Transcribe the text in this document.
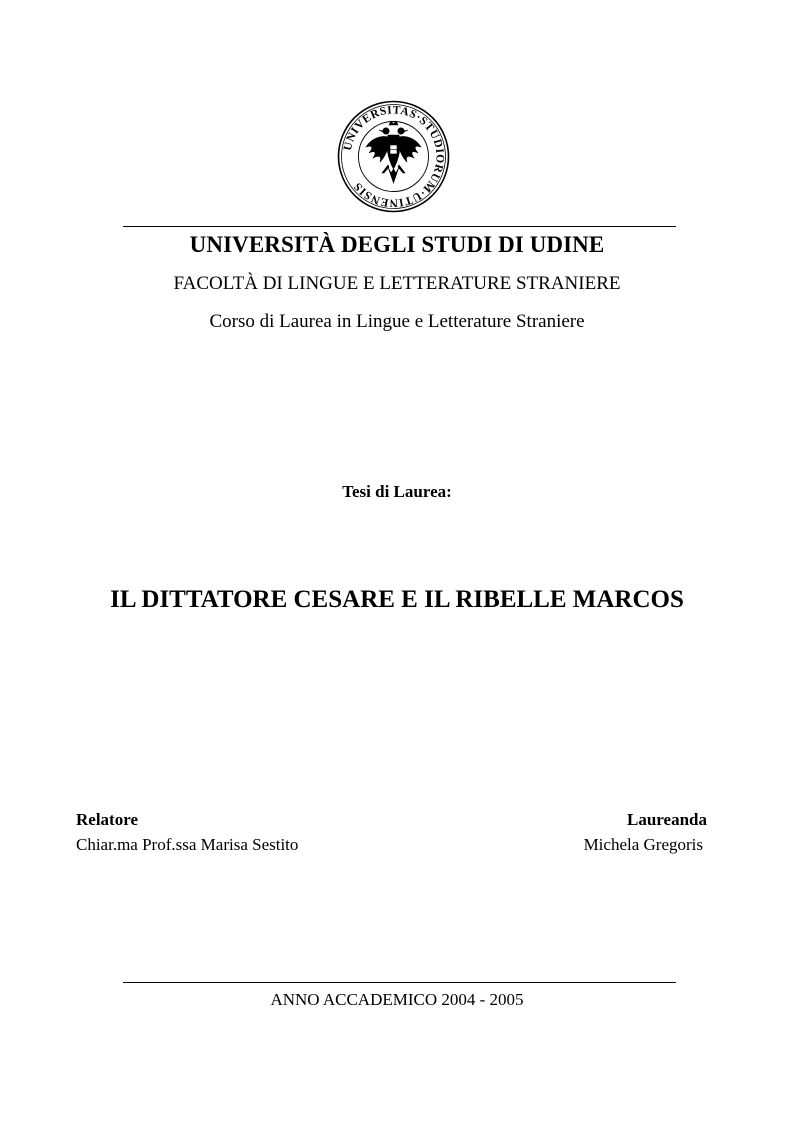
UNIVERSITAS·STUDIORUM·UTINENSIS
UNIVERSITÀ DEGLI STUDI DI UDINE
FACOLTÀ DI LINGUE E LETTERATURE STRANIERE
Corso di Laurea in Lingue e Letterature Straniere
Tesi di Laurea:
IL DITTATORE CESARE E IL RIBELLE MARCOS
Relatore
Chiar.ma Prof.ssa Marisa Sestito
Laureanda
Michela Gregoris
ANNO ACCADEMICO 2004 - 2005
